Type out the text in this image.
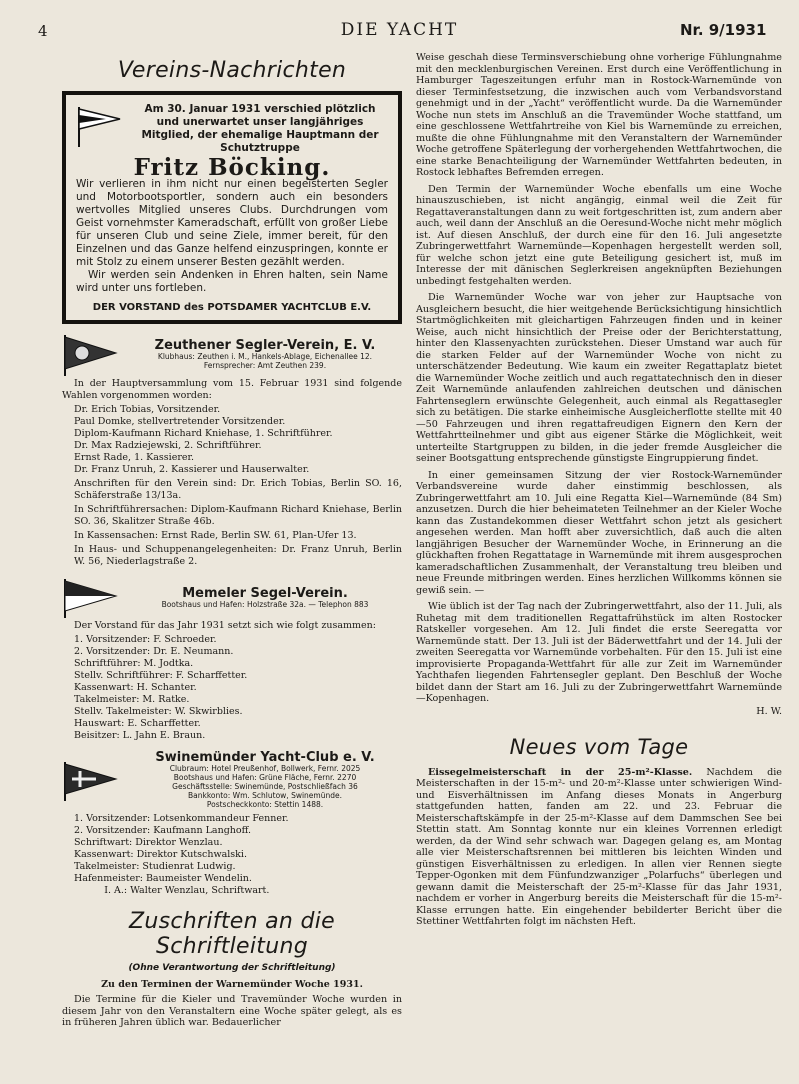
4	DIE YACHT	Nr. 9/1931
Vereins-Nachrichten
Am 30. Januar 1931 verschied plötzlich und unerwartet unser langjähriges Mitglied, der ehemalige Hauptmann der Schutztruppe
Fritz Böcking.

Wir verlieren in ihm nicht nur einen begeisterten Segler und Motorbootsportler, sondern auch ein besonders wertvolles Mitglied unseres Clubs. Durchdrungen vom Geist vornehmster Kameradschaft, erfüllt von großer Liebe für unseren Club und seine Ziele, immer bereit, für den Einzelnen und das Ganze helfend einzuspringen, konnte er mit Stolz zu einem unserer Besten gezählt werden.

Wir werden sein Andenken in Ehren halten, sein Name wird unter uns fortleben.

DER VORSTAND des POTSDAMER YACHTCLUB E.V.
Zeuthener Segler-Verein, E. V.
Klubhaus: Zeuthen i. M., Hankels-Ablage, Eichenallee 12.
Fernsprecher: Amt Zeuthen 239.

In der Hauptversammlung vom 15. Februar 1931 sind folgende Wahlen vorgenommen worden:

Dr. Erich Tobias, Vorsitzender.
Paul Domke, stellvertretender Vorsitzender.
Diplom-Kaufmann Richard Kniehase, 1. Schriftführer.
Dr. Max Radziejewski, 2. Schriftführer.
Ernst Rade, 1. Kassierer.
Dr. Franz Unruh, 2. Kassierer und Hauserwalter.

Anschriften für den Verein sind: Dr. Erich Tobias, Berlin SO. 16, Schäferstraße 13/13a.

In Schriftführersachen: Diplom-Kaufmann Richard Kniehase, Berlin SO. 36, Skalitzer Straße 46b.

In Kassensachen: Ernst Rade, Berlin SW. 61, Plan-Ufer 13.

In Haus- und Schuppenangelegenheiten: Dr. Franz Unruh, Berlin W. 56, Niederlagstraße 2.

Memeler Segel-Verein.
Bootshaus und Hafen: Holzstraße 32a. — Telephon 883

Der Vorstand für das Jahr 1931 setzt sich wie folgt zusammen:

1. Vorsitzender: F. Schroeder.
2. Vorsitzender: Dr. E. Neumann.
Schriftführer: M. Jodtka.
Stellv. Schriftführer: F. Scharffetter.
Kassenwart: H. Schanter.
Takelmeister: M. Ratke.
Stellv. Takelmeister: W. Skwirblies.
Hauswart: E. Scharffetter.
Beisitzer: L. Jahn E. Braun.
Swinemünder Yacht-Club e. V.
Clubraum: Hotel Preußenhof, Bollwerk, Fernr. 2025
Bootshaus und Hafen: Grüne Fläche, Fernr. 2270
Geschäftsstelle: Swinemünde, Postschließfach 36
Bankkonto: Wm. Schlutow, Swinemünde.
Postscheckkonto: Stettin 1488.
1. Vorsitzender: Lotsenkommandeur Fenner.
2. Vorsitzender: Kaufmann Langhoff.
Schriftwart: Direktor Wenzlau.
Kassenwart: Direktor Kutschwalski.
Takelmeister: Studienrat Ludwig.
Hafenmeister: Baumeister Wendelin.
I. A.: Walter Wenzlau, Schriftwart.
Zuschriften an die Schriftleitung
(Ohne Verantwortung der Schriftleitung)
Zu den Terminen der Warnemünder Woche 1931.

Die Termine für die Kieler und Travemünder Woche wurden in diesem Jahr von den Veranstaltern eine Woche später gelegt, als es in früheren Jahren üblich war. Bedauerlicher

Weise geschah diese Terminsverschiebung ohne vorherige Fühlungnahme mit den mecklenburgischen Vereinen. Erst durch eine Veröffentlichung in Hamburger Tageszeitungen erfuhr man in Rostock-Warnemünde von dieser Terminfestsetzung, die inzwischen auch vom Verbandsvorstand genehmigt und in der „Yacht“ veröffentlicht wurde. Da die Warnemünder Woche nun stets im Anschluß an die Travemünder Woche stattfand, um eine geschlossene Wettfahrtreihe von Kiel bis Warnemünde zu erreichen, mußte die ohne Fühlungnahme mit den Veranstaltern der Warnemünder Woche getroffene Späterlegung der vorhergehenden Wettfahrtwochen, die eine starke Benachteiligung der Warnemünder Wettfahrten bedeuten, in Rostock lebhaftes Befremden erregen.

Den Termin der Warnemünder Woche ebenfalls um eine Woche hinauszuschieben, ist nicht angängig, einmal weil die Zeit für Regattaveranstaltungen dann zu weit fortgeschritten ist, zum andern aber auch, weil dann der Anschluß an die Oeresund-Woche nicht mehr möglich ist. Auf diesen Anschluß, der durch eine für den 16. Juli angesetzte Zubringerwettfahrt Warnemünde—Kopenhagen hergestellt werden soll, für welche schon jetzt eine gute Beteiligung gesichert ist, muß im Interesse der mit dänischen Seglerkreisen angeknüpften Beziehungen unbedingt festgehalten werden.

Die Warnemünder Woche war von jeher zur Hauptsache von Ausgleichern besucht, die hier weitgehende Berücksichtigung hinsichtlich Startmöglichkeiten mit gleichartigen Fahrzeugen finden und in keiner Weise, auch nicht hinsichtlich der Preise oder der Berichterstattung, hinter den Klassenyachten zurückstehen. Dieser Umstand war auch für die starken Felder auf der Warnemünder Woche von nicht zu unterschätzender Bedeutung. Wie kaum ein zweiter Regattaplatz bietet die Warnemünder Woche zeitlich und auch regattatechnisch den in dieser Zeit Warnemünde anlaufenden zahlreichen deutschen und dänischen Fahrtenseglern erwünschte Gelegenheit, auch einmal als Regattasegler sich zu betätigen. Die starke einheimische Ausgleicherflotte stellte mit 40—50 Fahrzeugen und ihren regattafreudigen Eignern den Kern der Wettfahrtteilnehmer und gibt aus eigener Stärke die Möglichkeit, weit unterteilte Startgruppen zu bilden, in die jeder fremde Ausgleicher die seiner Bootsgattung entsprechende günstigste Eingruppierung findet.

In einer gemeinsamen Sitzung der vier Rostock-Warnemünder Verbandsvereine wurde daher einstimmig beschlossen, als Zubringerwettfahrt am 10. Juli eine Regatta Kiel—Warnemünde (84 Sm) anzusetzen. Durch die hier beheimateten Teilnehmer an der Kieler Woche kann das Zustandekommen dieser Wettfahrt schon jetzt als gesichert angesehen werden. Man hofft aber zuversichtlich, daß auch die alten langjährigen Besucher der Warnemünder Woche, in Erinnerung an die glückhaften frohen Regattatage in Warnemünde mit ihrem ausgesprochen kameradschaftlichen Zusammenhalt, der Veranstaltung treu bleiben und neue Freunde mitbringen werden. Eines herzlichen Willkomms können sie gewiß sein. —

Wie üblich ist der Tag nach der Zubringerwettfahrt, also der 11. Juli, als Ruhetag mit dem traditionellen Regattafrühstück im alten Rostocker Ratskeller vorgesehen. Am 12. Juli findet die erste Seeregatta vor Warnemünde statt. Der 13. Juli ist der Bäderwettfahrt und der 14. Juli der zweiten Seeregatta vor Warnemünde vorbehalten. Für den 15. Juli ist eine improvisierte Propaganda-Wettfahrt für alle zur Zeit im Warnemünder Yachthafen liegenden Fahrtensegler geplant. Den Beschluß der Woche bildet dann der Start am 16. Juli zu der Zubringerwettfahrt Warnemünde—Kopenhagen.

H. W.
Neues vom Tage

Eissegelmeisterschaft in der 25-m²-Klasse. Nachdem die Meisterschaften in der 15-m²- und 20-m²-Klasse unter schwierigen Wind- und Eisverhältnissen im Anfang dieses Monats in Angerburg stattgefunden hatten, fanden am 22. und 23. Februar die Meisterschaftskämpfe in der 25-m²-Klasse auf dem Dammschen See bei Stettin statt. Am Sonntag konnte nur ein kleines Vorrennen erledigt werden, da der Wind sehr schwach war. Dagegen gelang es, am Montag alle vier Meisterschaftsrennen bei mittleren bis leichten Winden und günstigen Eisverhältnissen zu erledigen. In allen vier Rennen siegte Tepper-Ogonken mit dem Fünfundzwanziger „Polarfuchs“ überlegen und gewann damit die Meisterschaft der 25-m²-Klasse für das Jahr 1931, nachdem er vorher in Angerburg bereits die Meisterschaft für die 15-m²-Klasse errungen hatte. Ein eingehender bebilderter Bericht über die Stettiner Wettfahrten folgt im nächsten Heft.
